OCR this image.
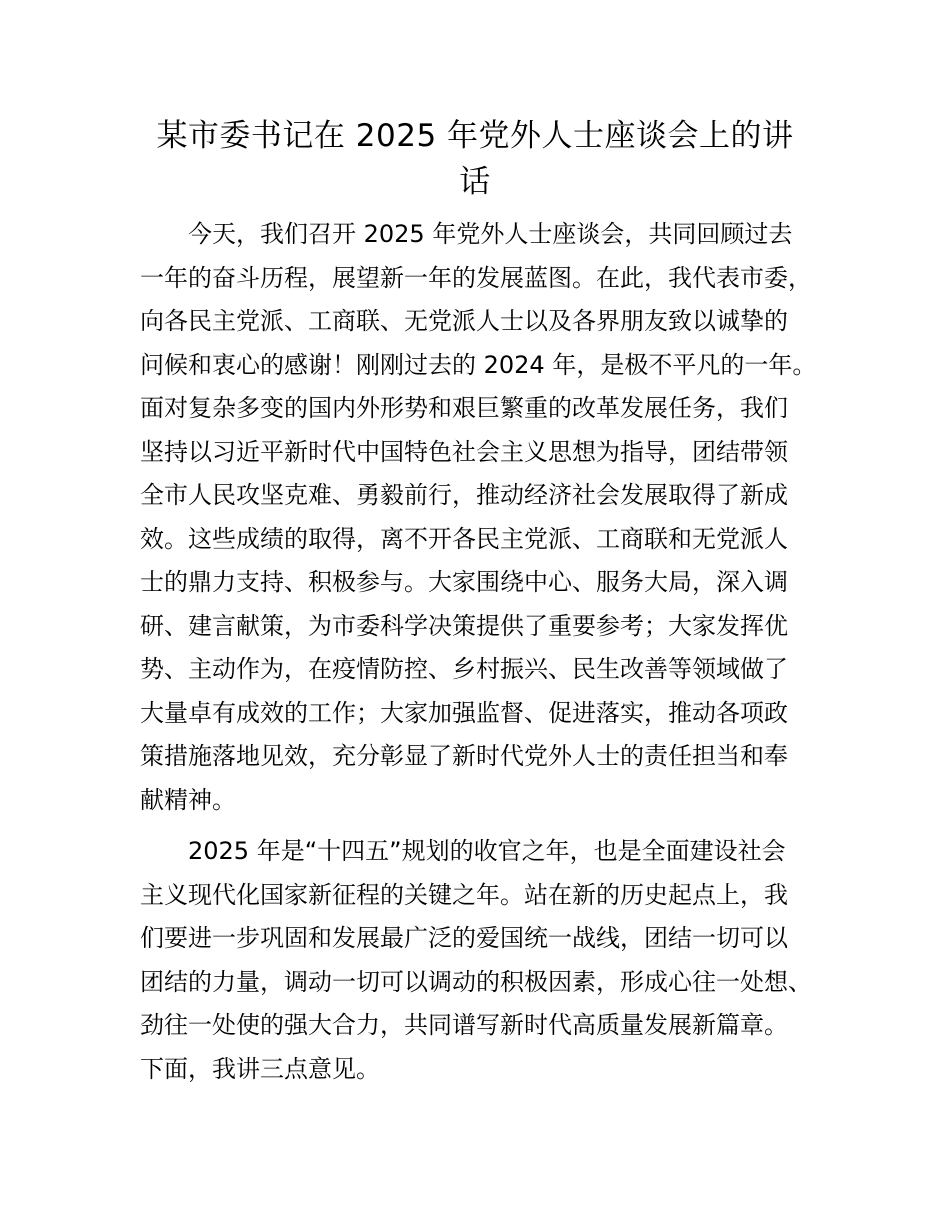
某市委书记在 2025 年党外人士座谈会上的讲
话

今天，我们召开 2025 年党外人士座谈会，共同回顾过去
一年的奋斗历程，展望新一年的发展蓝图。在此，我代表市委，
向各民主党派、工商联、无党派人士以及各界朋友致以诚挚的
问候和衷心的感谢！刚刚过去的 2024 年，是极不平凡的一年。
面对复杂多变的国内外形势和艰巨繁重的改革发展任务，我们
坚持以习近平新时代中国特色社会主义思想为指导，团结带领
全市人民攻坚克难、勇毅前行，推动经济社会发展取得了新成
效。这些成绩的取得，离不开各民主党派、工商联和无党派人
士的鼎力支持、积极参与。大家围绕中心、服务大局，深入调
研、建言献策，为市委科学决策提供了重要参考；大家发挥优
势、主动作为，在疫情防控、乡村振兴、民生改善等领域做了
大量卓有成效的工作；大家加强监督、促进落实，推动各项政
策措施落地见效，充分彰显了新时代党外人士的责任担当和奉
献精神。

2025 年是“十四五”规划的收官之年，也是全面建设社会
主义现代化国家新征程的关键之年。站在新的历史起点上，我
们要进一步巩固和发展最广泛的爱国统一战线，团结一切可以
团结的力量，调动一切可以调动的积极因素，形成心往一处想、
劲往一处使的强大合力，共同谱写新时代高质量发展新篇章。
下面，我讲三点意见。
